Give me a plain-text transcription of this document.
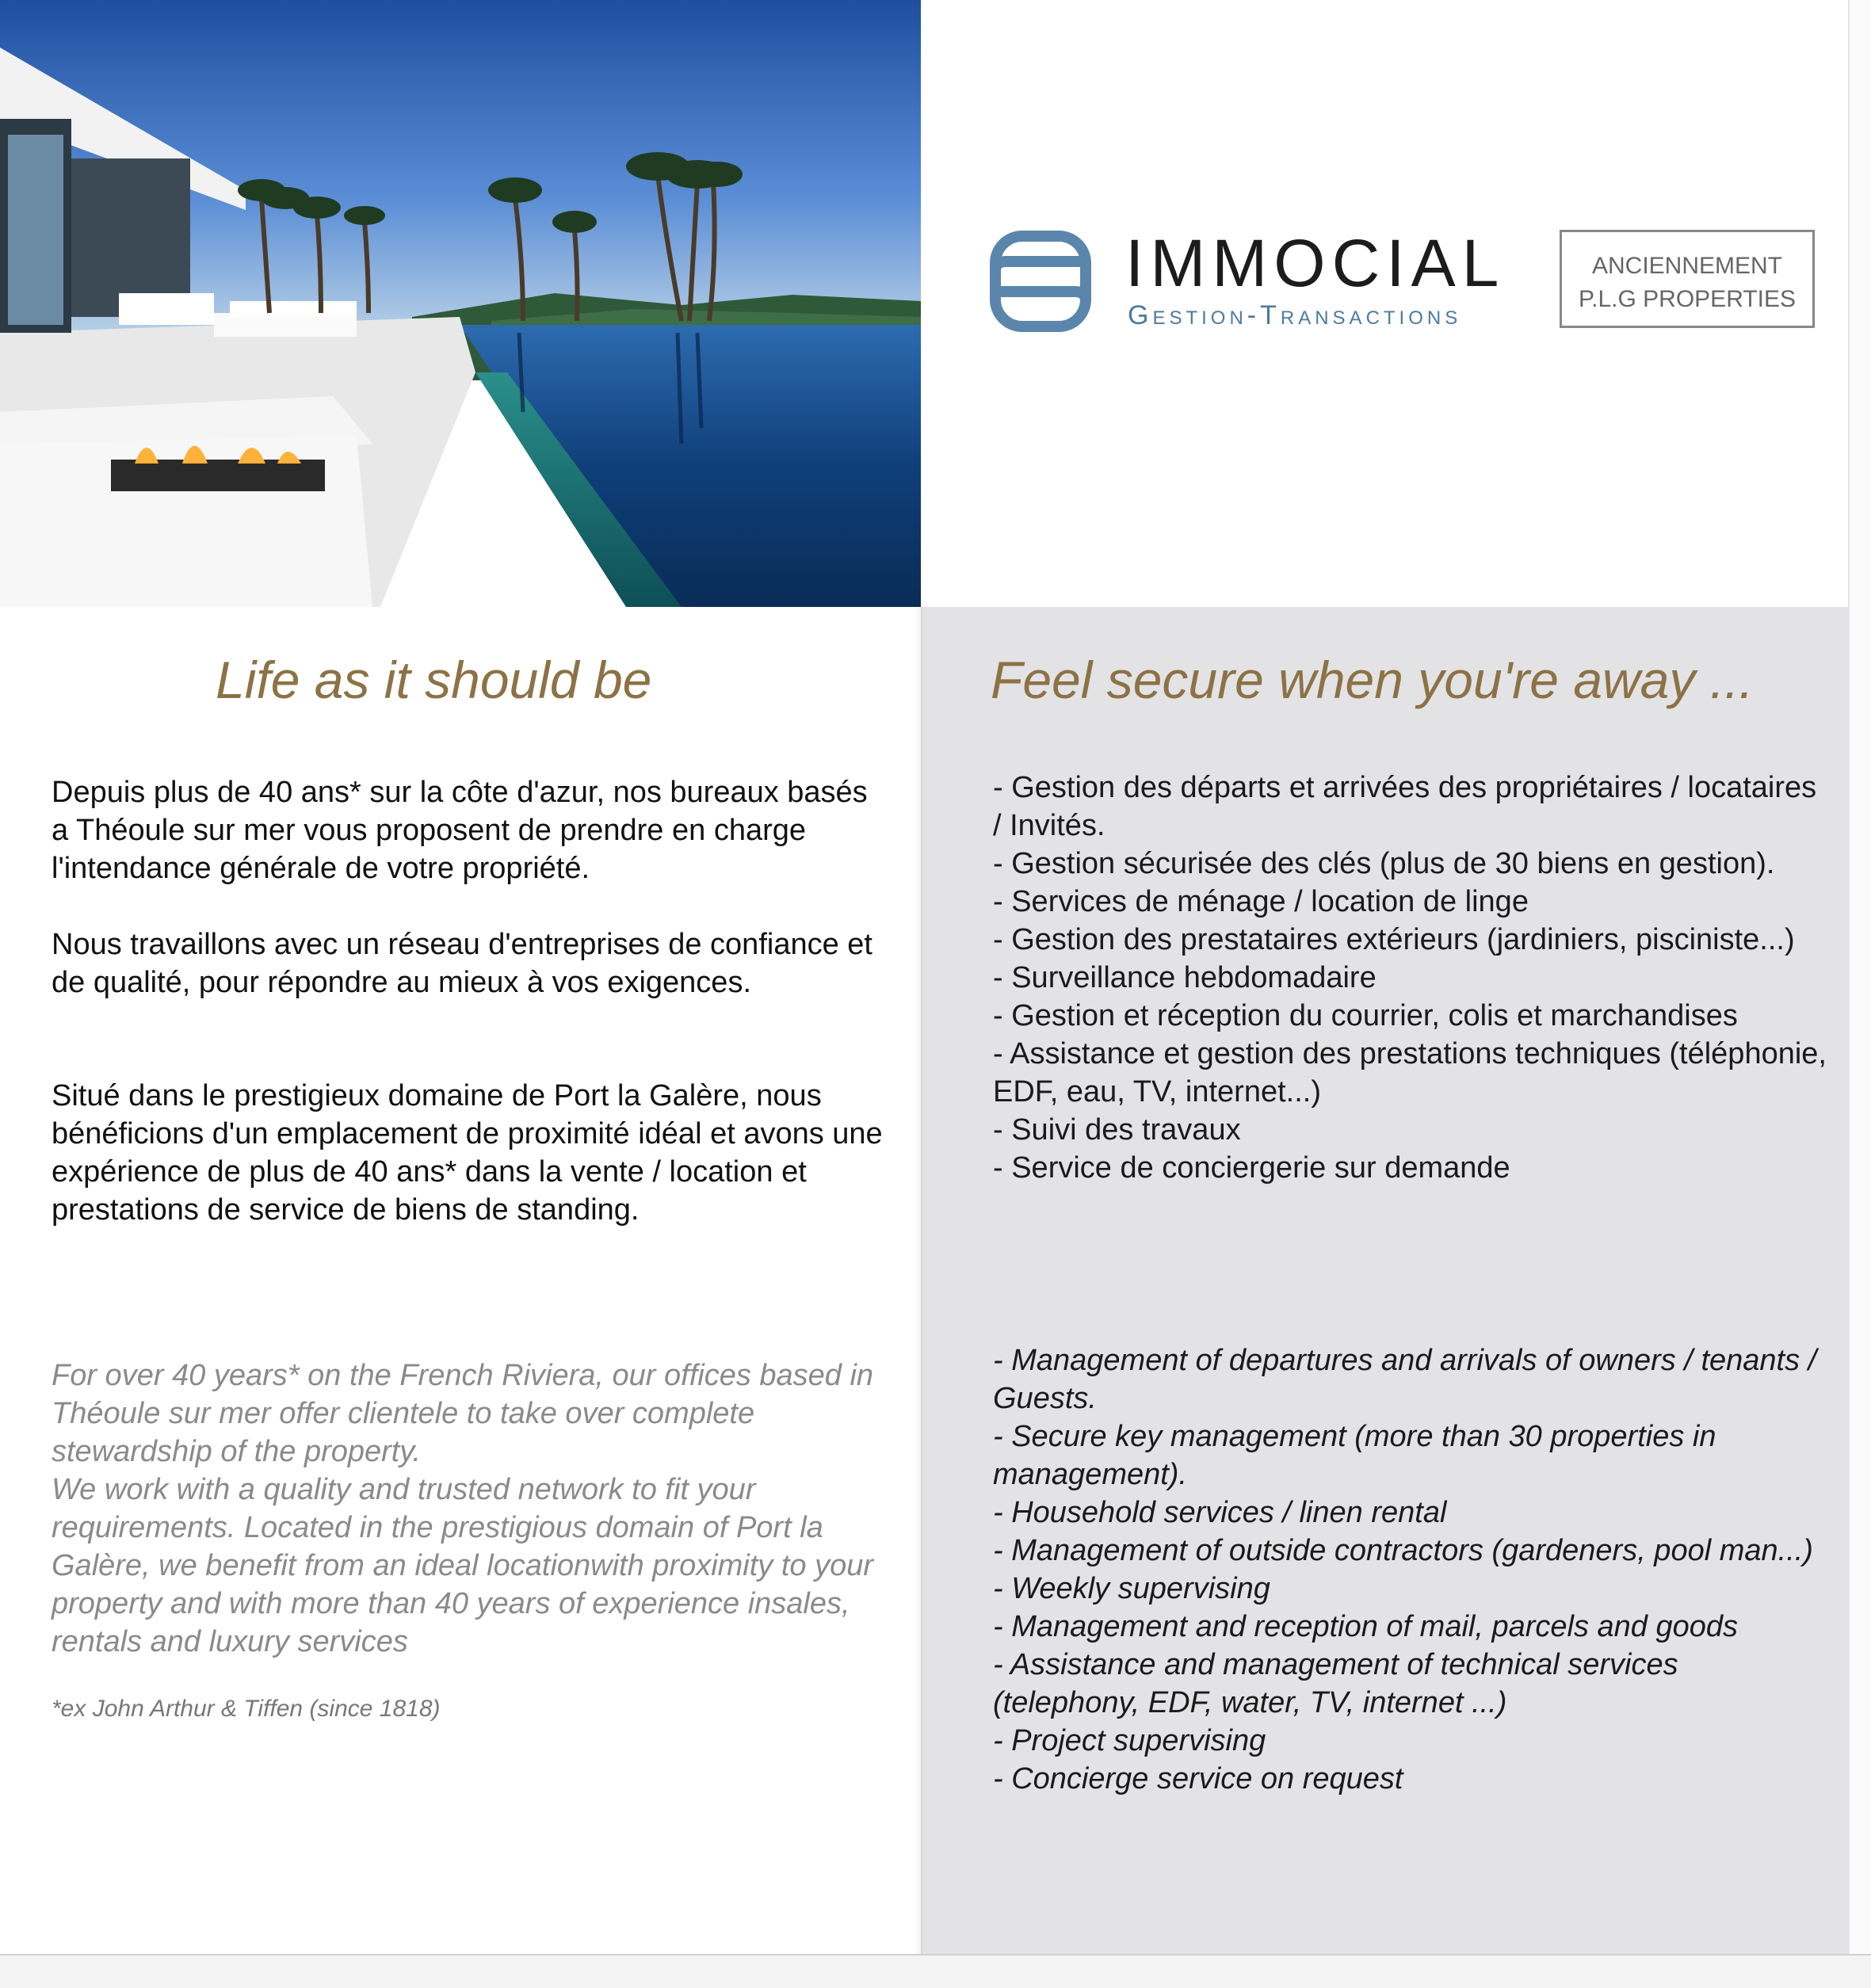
IMMOCIAL
Gestion-Transactions
ANCIENNEMENT
P.L.G PROPERTIES
Life as it should be

Depuis plus de 40 ans* sur la côte d'azur, nos bureaux basés a Théoule sur mer vous proposent de prendre en charge l'intendance générale de votre propriété.

Nous travaillons avec un réseau d'entreprises de confiance et de qualité, pour répondre au mieux à vos exigences.

Situé dans le prestigieux domaine de Port la Galère, nous bénéficions d'un emplacement de proximité idéal et avons une expérience de plus de 40 ans* dans la vente / location et prestations de service de biens de standing.

For over 40 years* on the French Riviera, our offices based in Théoule sur mer offer clientele to take over complete stewardship of the property.

We work with a quality and trusted network to fit your requirements. Located in the prestigious domain of Port la Galère, we benefit from an ideal locationwith proximity to your property and with more than 40 years of experience insales, rentals and luxury services

*ex John Arthur & Tiffen (since 1818)
Feel secure when you're away ...
- Gestion des départs et arrivées des propriétaires / locataires / Invités.
- Gestion sécurisée des clés (plus de 30 biens en gestion).
- Services de ménage / location de linge
- Gestion des prestataires extérieurs (jardiniers, pisciniste...)
- Surveillance hebdomadaire
- Gestion et réception du courrier, colis et marchandises
- Assistance et gestion des prestations techniques (téléphonie, EDF, eau, TV, internet...)
- Suivi des travaux
- Service de conciergerie sur demande
- Management of departures and arrivals of owners / tenants / Guests.
- Secure key management (more than 30 properties in management).
- Household services / linen rental
- Management of outside contractors (gardeners, pool man...)
- Weekly supervising
- Management and reception of mail, parcels and goods
- Assistance and management of technical services (telephony, EDF, water, TV, internet ...)
- Project supervising
- Concierge service on request
